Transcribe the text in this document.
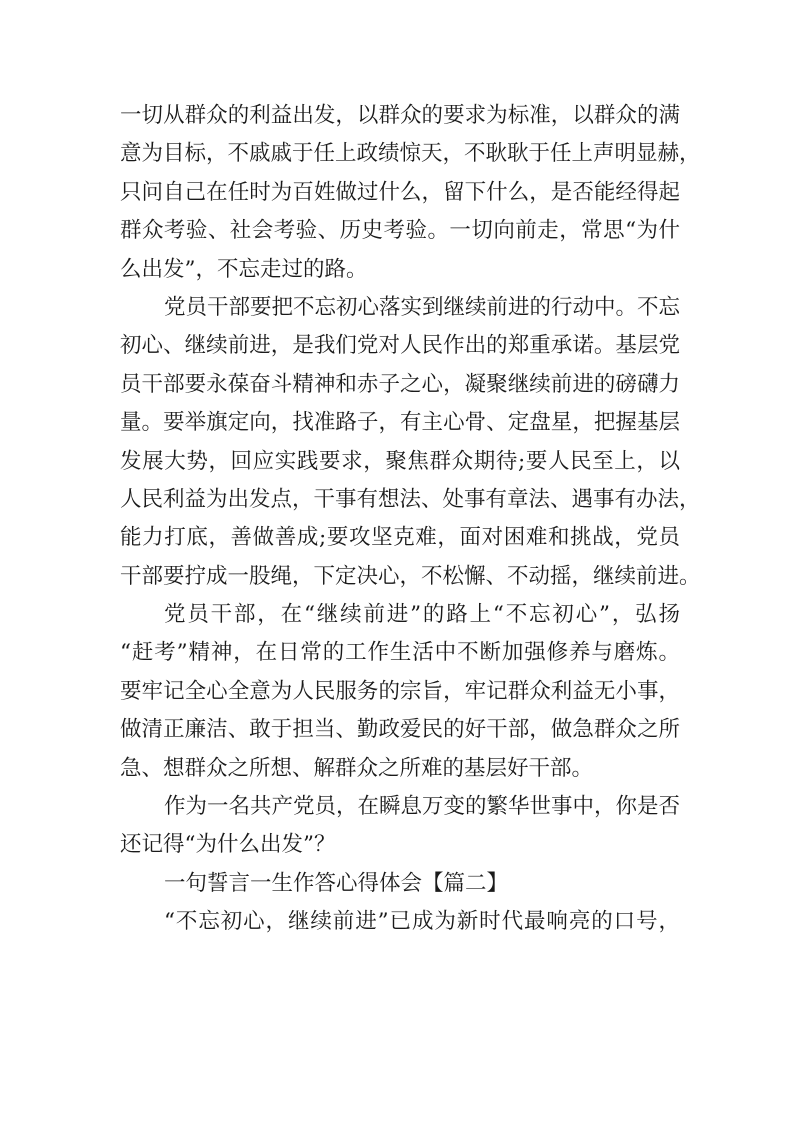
一切从群众的利益出发，以群众的要求为标准，以群众的满
意为目标，不戚戚于任上政绩惊天，不耿耿于任上声明显赫，
只问自己在任时为百姓做过什么，留下什么，是否能经得起
群众考验、社会考验、历史考验。一切向前走，常思“为什
么出发”，不忘走过的路。
党员干部要把不忘初心落实到继续前进的行动中。不忘
初心、继续前进，是我们党对人民作出的郑重承诺。基层党
员干部要永葆奋斗精神和赤子之心，凝聚继续前进的磅礴力
量。要举旗定向，找准路子，有主心骨、定盘星，把握基层
发展大势，回应实践要求，聚焦群众期待;要人民至上，以
人民利益为出发点，干事有想法、处事有章法、遇事有办法，
能力打底，善做善成;要攻坚克难，面对困难和挑战，党员
干部要拧成一股绳，下定决心，不松懈、不动摇，继续前进。
党员干部，在“继续前进”的路上“不忘初心”，弘扬
“赶考”精神，在日常的工作生活中不断加强修养与磨炼。
要牢记全心全意为人民服务的宗旨，牢记群众利益无小事，
做清正廉洁、敢于担当、勤政爱民的好干部，做急群众之所
急、想群众之所想、解群众之所难的基层好干部。
作为一名共产党员，在瞬息万变的繁华世事中，你是否
还记得“为什么出发”？
一句誓言一生作答心得体会【篇二】
“不忘初心，继续前进”已成为新时代最响亮的口号，
